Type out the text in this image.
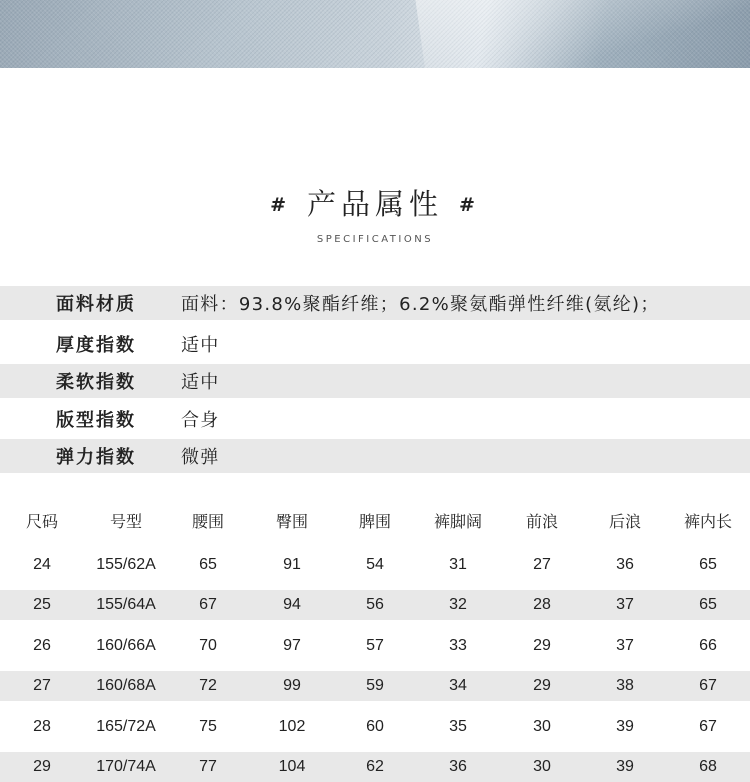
# 产品属性 #
SPECIFICATIONS
面料材质	面料：93.8%聚酯纤维；6.2%聚氨酯弹性纤维(氨纶)；
厚度指数	适中
柔软指数	适中
版型指数	合身
弹力指数	微弹
尺码	号型	腰围	臀围	脾围	裤脚阔	前浪	后浪	裤内长
24	155/62A	65	91	54	31	27	36	65
25	155/64A	67	94	56	32	28	37	65
26	160/66A	70	97	57	33	29	37	66
27	160/68A	72	99	59	34	29	38	67
28	165/72A	75	102	60	35	30	39	67
29	170/74A	77	104	62	36	30	39	68
